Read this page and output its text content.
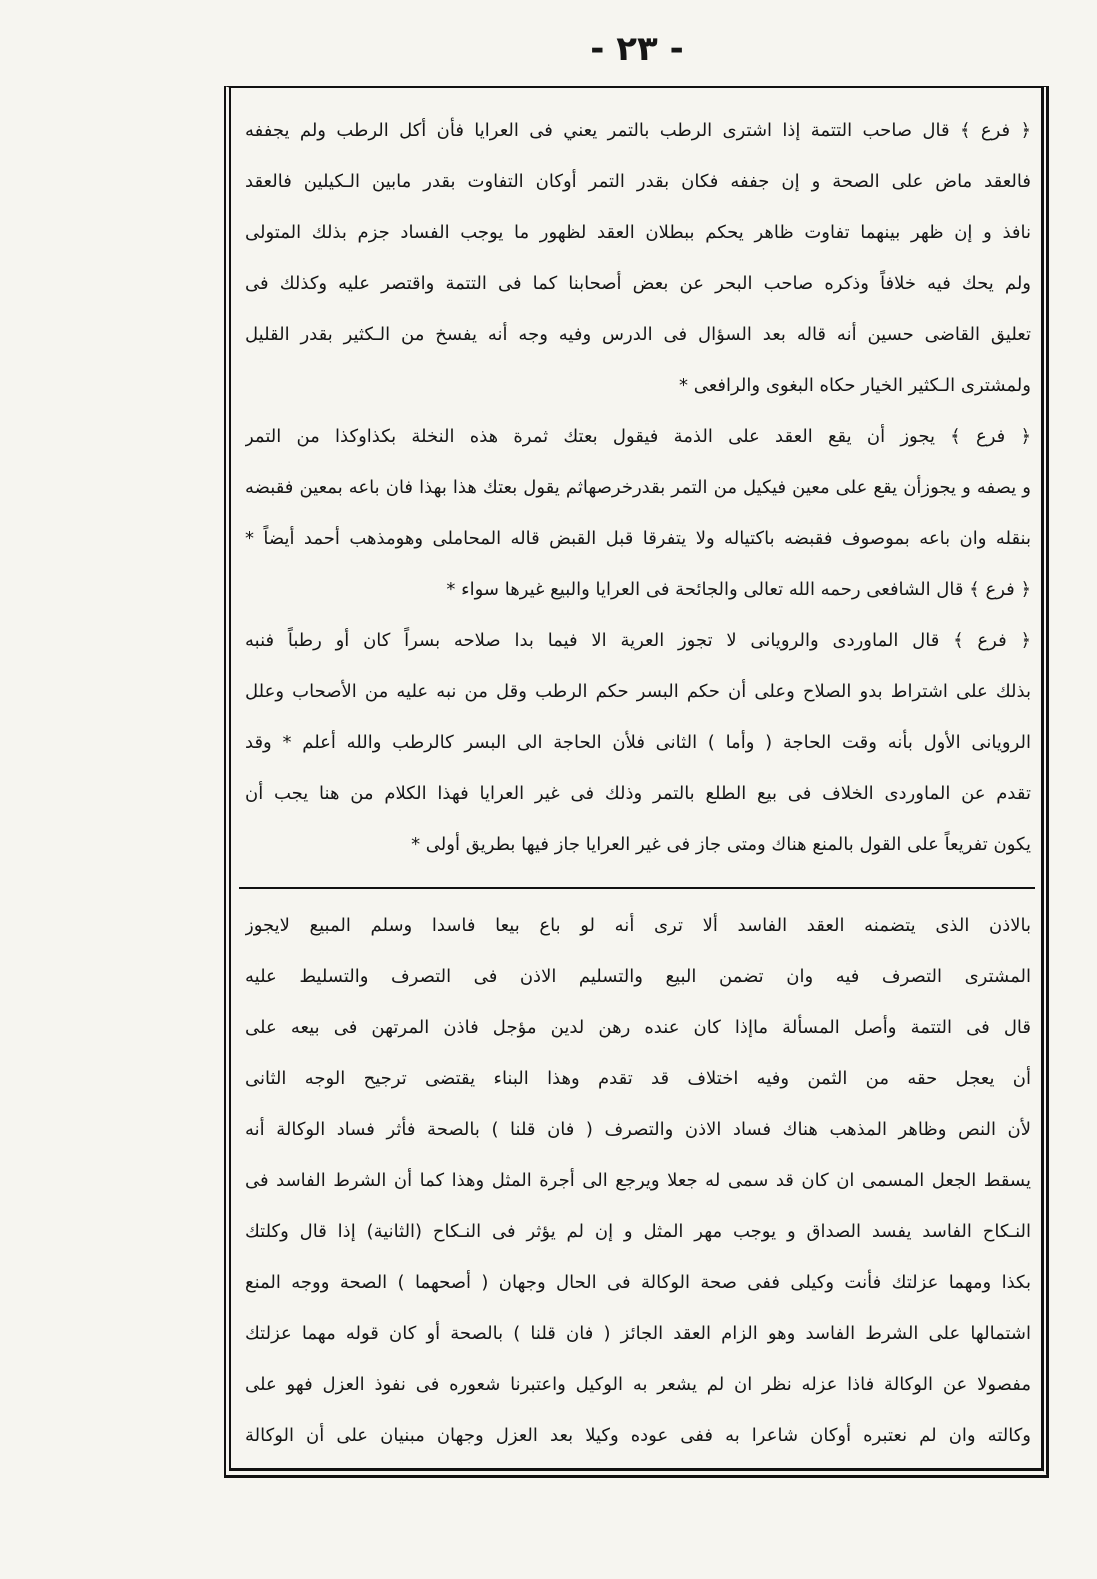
- ٢٣ -
﴿ فرع ﴾ قال صاحب التتمة إذا اشترى الرطب بالتمر يعني فى العرايا فأن أكل الرطب ولم يجففه
فالعقد ماض على الصحة و إن جففه فكان بقدر التمر أوكان التفاوت بقدر مابين الـكيلين فالعقد
نافذ و إن ظهر بينهما تفاوت ظاهر يحكم ببطلان العقد لظهور ما يوجب الفساد جزم بذلك المتولى
ولم يحك فيه خلافاً وذكره صاحب البحر عن بعض أصحابنا كما فى التتمة واقتصر عليه وكذلك فى
تعليق القاضى حسين أنه قاله بعد السؤال فى الدرس وفيه وجه أنه يفسخ من الـكثير بقدر القليل
ولمشترى الـكثير الخيار حكاه البغوى والرافعى *
﴿ فرع ﴾ يجوز أن يقع العقد على الذمة فيقول بعتك ثمرة هذه النخلة بكذاوكذا من التمر
و يصفه و يجوزأن يقع على معين فيكيل من التمر بقدرخرصهاثم يقول بعتك هذا بهذا فان باعه بمعين فقبضه
بنقله وان باعه بموصوف فقبضه باكتياله ولا يتفرقا قبل القبض قاله المحاملى وهومذهب أحمد أيضاً *
﴿ فرع ﴾ قال الشافعى رحمه الله تعالى والجائحة فى العرايا والبيع غيرها سواء *
﴿ فرع ﴾ قال الماوردى والرويانى لا تجوز العرية الا فيما بدا صلاحه بسراً كان أو رطباً فنبه
بذلك على اشتراط بدو الصلاح وعلى أن حكم البسر حكم الرطب وقل من نبه عليه من الأصحاب وعلل
الرويانى الأول بأنه وقت الحاجة ( وأما ) الثانى فلأن الحاجة الى البسر كالرطب والله أعلم * وقد
تقدم عن الماوردى الخلاف فى بيع الطلع بالتمر وذلك فى غير العرايا فهذا الكلام من هنا يجب أن
يكون تفريعاً على القول بالمنع هناك ومتى جاز فى غير العرايا جاز فيها بطريق أولى *
بالاذن الذى يتضمنه العقد الفاسد ألا ترى أنه لو باع بيعا فاسدا وسلم المبيع لايجوز
المشترى التصرف فيه وان تضمن البيع والتسليم الاذن فى التصرف والتسليط عليه
قال فى التتمة وأصل المسألة ماإذا كان عنده رهن لدين مؤجل فاذن المرتهن فى بيعه على
أن يعجل حقه من الثمن وفيه اختلاف قد تقدم وهذا البناء يقتضى ترجيح الوجه الثانى
لأن النص وظاهر المذهب هناك فساد الاذن والتصرف ( فان قلنا ) بالصحة فأثر فساد الوكالة أنه
يسقط الجعل المسمى ان كان قد سمى له جعلا ويرجع الى أجرة المثل وهذا كما أن الشرط الفاسد فى
النـكاح الفاسد يفسد الصداق و يوجب مهر المثل و إن لم يؤثر فى النـكاح (الثانية) إذا قال وكلتك
بكذا ومهما عزلتك فأنت وكيلى ففى صحة الوكالة فى الحال وجهان ( أصحهما ) الصحة ووجه المنع
اشتمالها على الشرط الفاسد وهو الزام العقد الجائز ( فان قلنا ) بالصحة أو كان قوله مهما عزلتك
مفصولا عن الوكالة فاذا عزله نظر ان لم يشعر به الوكيل واعتبرنا شعوره فى نفوذ العزل فهو على
وكالته وان لم نعتبره أوكان شاعرا به ففى عوده وكيلا بعد العزل وجهان مبنيان على أن الوكالة
